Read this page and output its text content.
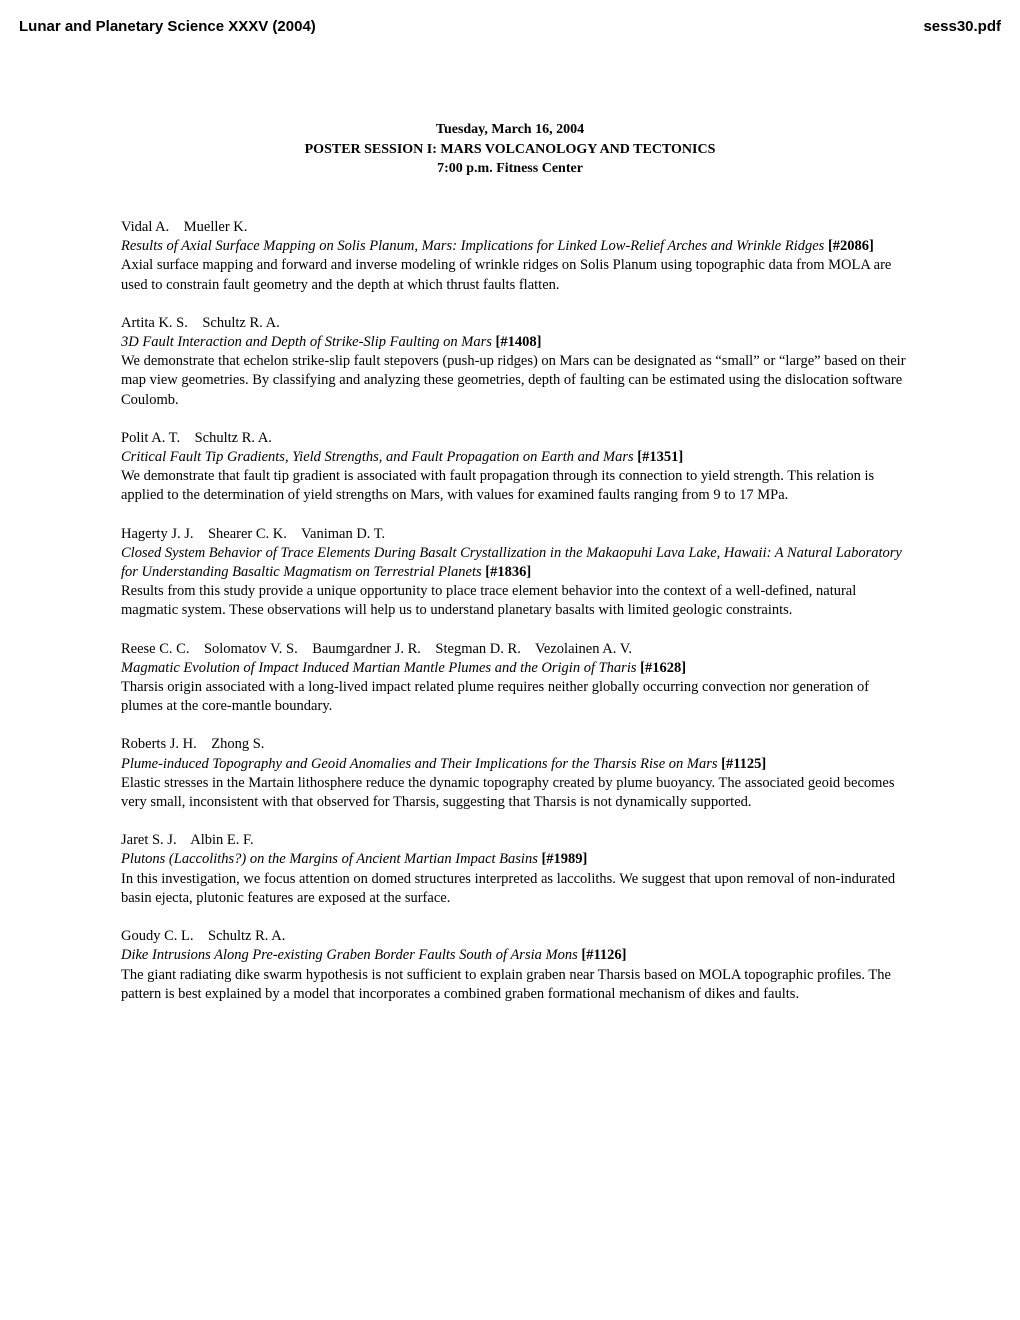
Lunar and Planetary Science XXXV (2004)	sess30.pdf
Tuesday, March 16, 2004
POSTER SESSION I: MARS VOLCANOLOGY AND TECTONICS
7:00 p.m. Fitness Center
Vidal A.    Mueller K.
Results of Axial Surface Mapping on Solis Planum, Mars: Implications for Linked Low-Relief Arches and Wrinkle Ridges [#2086]
Axial surface mapping and forward and inverse modeling of wrinkle ridges on Solis Planum using topographic data from MOLA are used to constrain fault geometry and the depth at which thrust faults flatten.
Artita K. S.    Schultz R. A.
3D Fault Interaction and Depth of Strike-Slip Faulting on Mars [#1408]
We demonstrate that echelon strike-slip fault stepovers (push-up ridges) on Mars can be designated as “small” or “large” based on their map view geometries. By classifying and analyzing these geometries, depth of faulting can be estimated using the dislocation software Coulomb.
Polit A. T.    Schultz R. A.
Critical Fault Tip Gradients, Yield Strengths, and Fault Propagation on Earth and Mars [#1351]
We demonstrate that fault tip gradient is associated with fault propagation through its connection to yield strength. This relation is applied to the determination of yield strengths on Mars, with values for examined faults ranging from 9 to 17 MPa.
Hagerty J. J.    Shearer C. K.    Vaniman D. T.
Closed System Behavior of Trace Elements During Basalt Crystallization in the Makaopuhi Lava Lake, Hawaii: A Natural Laboratory for Understanding Basaltic Magmatism on Terrestrial Planets [#1836]
Results from this study provide a unique opportunity to place trace element behavior into the context of a well-defined, natural magmatic system. These observations will help us to understand planetary basalts with limited geologic constraints.
Reese C. C.    Solomatov V. S.    Baumgardner J. R.    Stegman D. R.    Vezolainen A. V.
Magmatic Evolution of Impact Induced Martian Mantle Plumes and the Origin of Tharis [#1628]
Tharsis origin associated with a long-lived impact related plume requires neither globally occurring convection nor generation of plumes at the core-mantle boundary.
Roberts J. H.    Zhong S.
Plume-induced Topography and Geoid Anomalies and Their Implications for the Tharsis Rise on Mars [#1125]
Elastic stresses in the Martain lithosphere reduce the dynamic topography created by plume buoyancy. The associated geoid becomes very small, inconsistent with that observed for Tharsis, suggesting that Tharsis is not dynamically supported.
Jaret S. J.    Albin E. F.
Plutons (Laccoliths?) on the Margins of Ancient Martian Impact Basins [#1989]
In this investigation, we focus attention on domed structures interpreted as laccoliths. We suggest that upon removal of non-indurated basin ejecta, plutonic features are exposed at the surface.
Goudy C. L.    Schultz R. A.
Dike Intrusions Along Pre-existing Graben Border Faults South of Arsia Mons [#1126]
The giant radiating dike swarm hypothesis is not sufficient to explain graben near Tharsis based on MOLA topographic profiles. The pattern is best explained by a model that incorporates a combined graben formational mechanism of dikes and faults.
